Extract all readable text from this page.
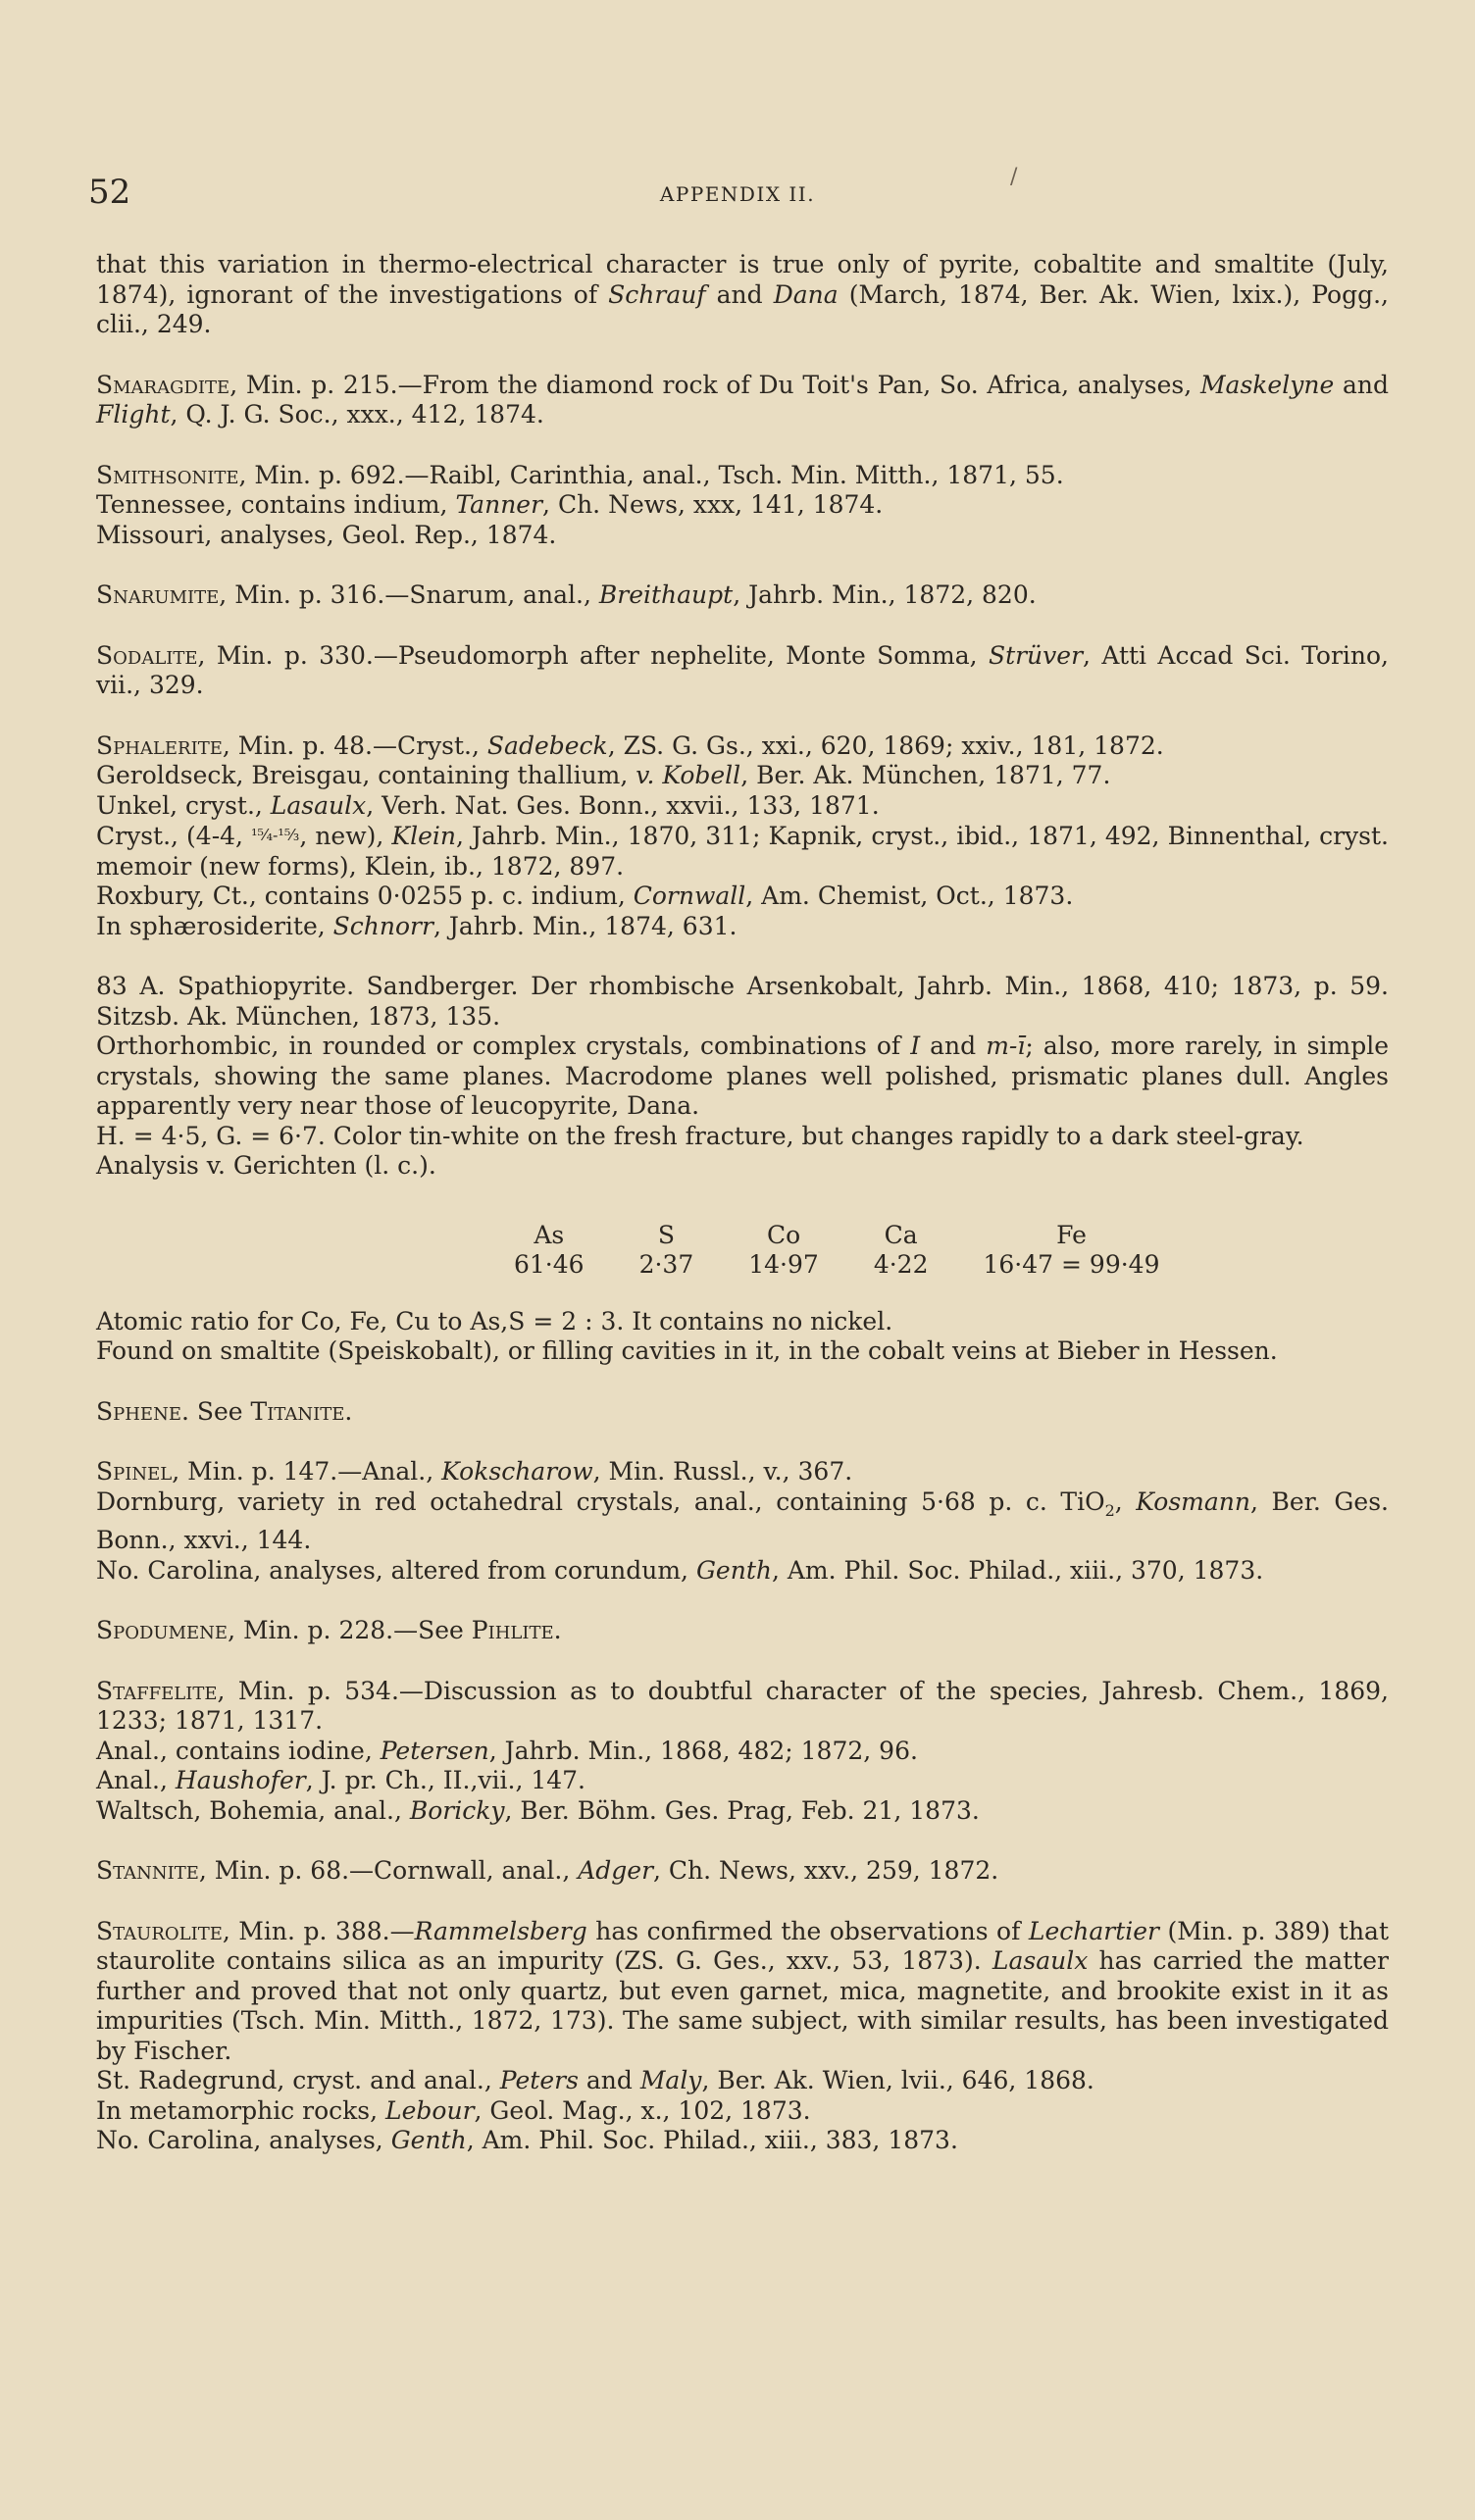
52	APPENDIX II.
/

that this variation in thermo-electrical character is true only of pyrite, cobaltite and smaltite (July, 1874), ignorant of the investigations of Schrauf and Dana (March, 1874, Ber. Ak. Wien, lxix.), Pogg., clii., 249.

Smaragdite, Min. p. 215.—From the diamond rock of Du Toit's Pan, So. Africa, analyses, Maskelyne and Flight, Q. J. G. Soc., xxx., 412, 1874.

Smithsonite, Min. p. 692.—Raibl, Carinthia, anal., Tsch. Min. Mitth., 1871, 55.

Tennessee, contains indium, Tanner, Ch. News, xxx, 141, 1874.

Missouri, analyses, Geol. Rep., 1874.

Snarumite, Min. p. 316.—Snarum, anal., Breithaupt, Jahrb. Min., 1872, 820.

Sodalite, Min. p. 330.—Pseudomorph after nephelite, Monte Somma, Strüver, Atti Accad Sci. Torino, vii., 329.

Sphalerite, Min. p. 48.—Cryst., Sadebeck, ZS. G. Gs., xxi., 620, 1869; xxiv., 181, 1872.

Geroldseck, Breisgau, containing thallium, v. Kobell, Ber. Ak. München, 1871, 77.

Unkel, cryst., Lasaulx, Verh. Nat. Ges. Bonn., xxvii., 133, 1871.

Cryst., (4-4, ¹⁵⁄₄-¹⁵⁄₃, new), Klein, Jahrb. Min., 1870, 311; Kapnik, cryst., ibid., 1871, 492, Binnenthal, cryst. memoir (new forms), Klein, ib., 1872, 897.

Roxbury, Ct., contains 0·0255 p. c. indium, Cornwall, Am. Chemist, Oct., 1873.

In sphærosiderite, Schnorr, Jahrb. Min., 1874, 631.

83 A. Spathiopyrite. Sandberger. Der rhombische Arsenkobalt, Jahrb. Min., 1868, 410; 1873, p. 59. Sitzsb. Ak. München, 1873, 135.

Orthorhombic, in rounded or complex crystals, combinations of I and m-ī; also, more rarely, in simple crystals, showing the same planes. Macrodome planes well polished, prismatic planes dull. Angles apparently very near those of leucopyrite, Dana.

H. = 4·5, G. = 6·7. Color tin-white on the fresh fracture, but changes rapidly to a dark steel-gray.

Analysis v. Gerichten (l. c.).

As	S	Co	Ca	Fe
61·46	2·37	14·97	4·22	16·47 = 99·49

Atomic ratio for Co, Fe, Cu to As,S = 2 : 3. It contains no nickel.

Found on smaltite (Speiskobalt), or filling cavities in it, in the cobalt veins at Bieber in Hessen.

Sphene. See Titanite.

Spinel, Min. p. 147.—Anal., Kokscharow, Min. Russl., v., 367.

Dornburg, variety in red octahedral crystals, anal., containing 5·68 p. c. TiO$_2$, Kosmann, Ber. Ges. Bonn., xxvi., 144.

No. Carolina, analyses, altered from corundum, Genth, Am. Phil. Soc. Philad., xiii., 370, 1873.

Spodumene, Min. p. 228.—See Pihlite.

Staffelite, Min. p. 534.—Discussion as to doubtful character of the species, Jahresb. Chem., 1869, 1233; 1871, 1317.

Anal., contains iodine, Petersen, Jahrb. Min., 1868, 482; 1872, 96.

Anal., Haushofer, J. pr. Ch., II.,vii., 147.

Waltsch, Bohemia, anal., Boricky, Ber. Böhm. Ges. Prag, Feb. 21, 1873.

Stannite, Min. p. 68.—Cornwall, anal., Adger, Ch. News, xxv., 259, 1872.

Staurolite, Min. p. 388.—Rammelsberg has confirmed the observations of Lechartier (Min. p. 389) that staurolite contains silica as an impurity (ZS. G. Ges., xxv., 53, 1873). Lasaulx has carried the matter further and proved that not only quartz, but even garnet, mica, magnetite, and brookite exist in it as impurities (Tsch. Min. Mitth., 1872, 173). The same subject, with similar results, has been investigated by Fischer.

St. Radegrund, cryst. and anal., Peters and Maly, Ber. Ak. Wien, lvii., 646, 1868.

In metamorphic rocks, Lebour, Geol. Mag., x., 102, 1873.

No. Carolina, analyses, Genth, Am. Phil. Soc. Philad., xiii., 383, 1873.
